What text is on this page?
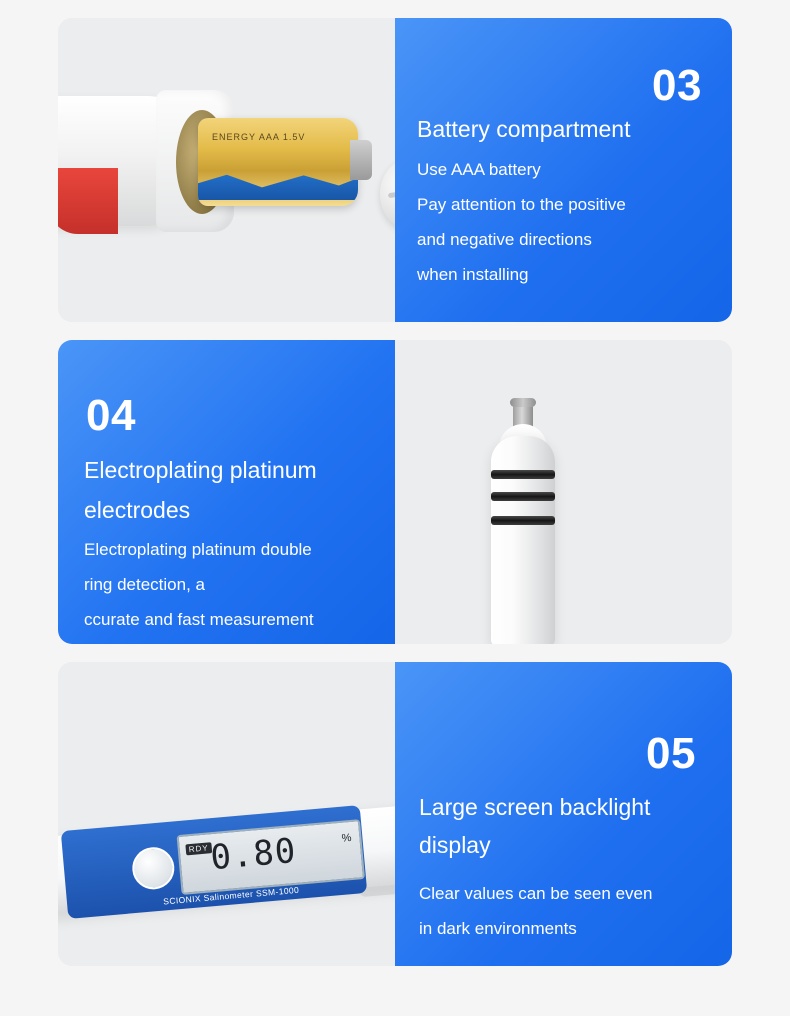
ENERGY AAA 1.5V
03
Battery compartment
Use AAA battery
Pay attention to the positive
and negative directions
when installing
04
Electroplating platinum electrodes
Electroplating platinum double
ring detection, a
ccurate and fast measurement
RDY 0.80	%
SCIONIX Salinometer SSM-1000
05
Large screen backlight display
Clear values can be seen even
in dark environments
